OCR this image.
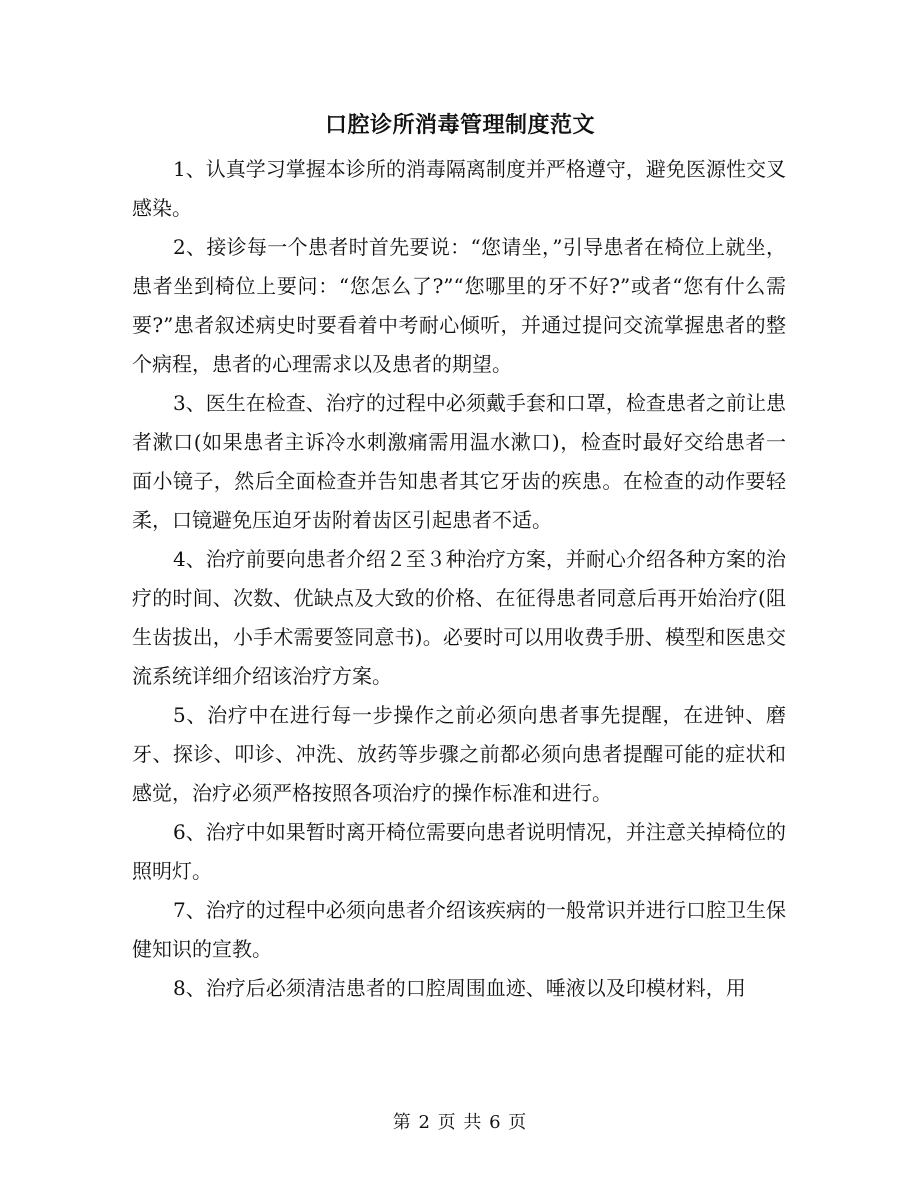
口腔诊所消毒管理制度范文

1、认真学习掌握本诊所的消毒隔离制度并严格遵守，避免医源性交叉感染。

2、接诊每一个患者时首先要说：“您请坐，”引导患者在椅位上就坐，患者坐到椅位上要问：“您怎么了?”“您哪里的牙不好?”或者“您有什么需要?”患者叙述病史时要看着中考耐心倾听，并通过提问交流掌握患者的整个病程，患者的心理需求以及患者的期望。

3、医生在检查、治疗的过程中必须戴手套和口罩，检查患者之前让患者漱口(如果患者主诉冷水刺激痛需用温水漱口)，检查时最好交给患者一面小镜子，然后全面检查并告知患者其它牙齿的疾患。在检查的动作要轻柔，口镜避免压迫牙齿附着齿区引起患者不适。

4、治疗前要向患者介绍２至３种治疗方案，并耐心介绍各种方案的治疗的时间、次数、优缺点及大致的价格、在征得患者同意后再开始治疗(阻生齿拔出，小手术需要签同意书)。必要时可以用收费手册、模型和医患交流系统详细介绍该治疗方案。

5、治疗中在进行每一步操作之前必须向患者事先提醒，在进钟、磨牙、探诊、叩诊、冲洗、放药等步骤之前都必须向患者提醒可能的症状和感觉，治疗必须严格按照各项治疗的操作标准和进行。

6、治疗中如果暂时离开椅位需要向患者说明情况，并注意关掉椅位的照明灯。

7、治疗的过程中必须向患者介绍该疾病的一般常识并进行口腔卫生保健知识的宣教。

8、治疗后必须清洁患者的口腔周围血迹、唾液以及印模材料，用

第 2 页 共 6 页
